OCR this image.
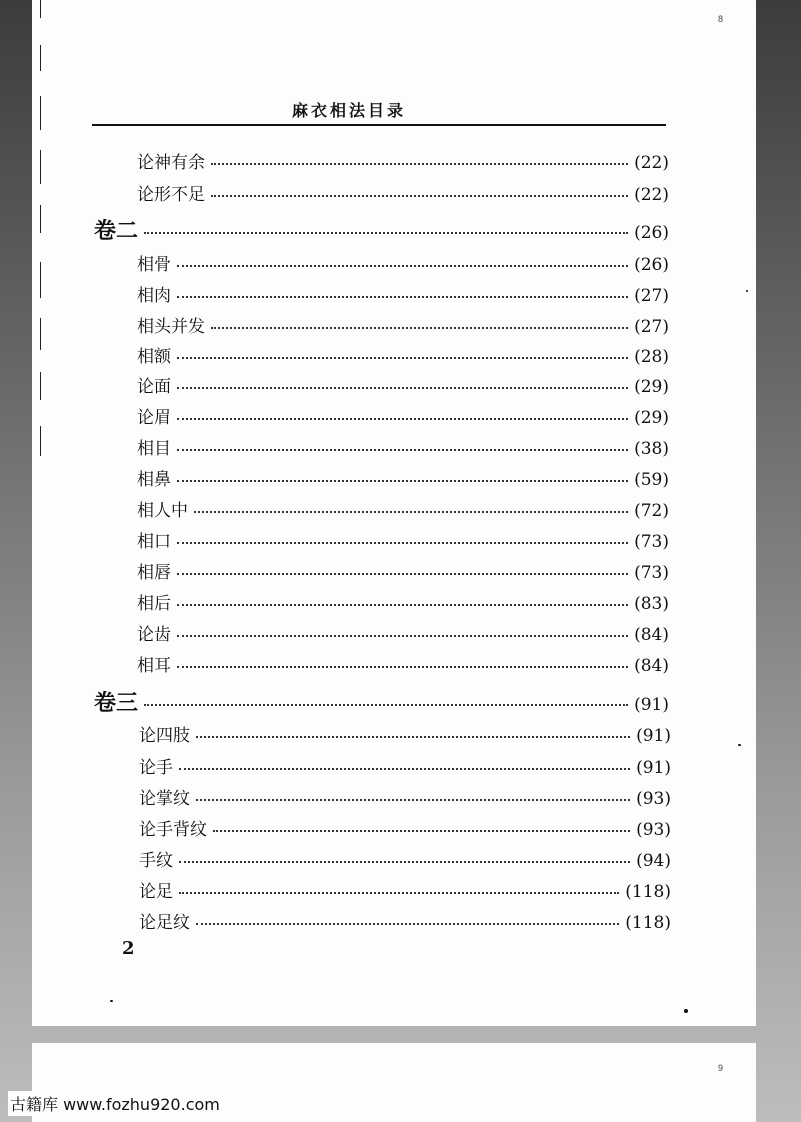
8
9
麻衣相法目录
论神有余	(22)
论形不足	(22)
卷二	(26)
相骨	(26)
相肉	(27)
相头并发	(27)
相额	(28)
论面	(29)
论眉	(29)
相目	(38)
相鼻	(59)
相人中	(72)
相口	(73)
相唇	(73)
相后	(83)
论齿	(84)
相耳	(84)
卷三	(91)
论四肢	(91)
论手	(91)
论掌纹	(93)
论手背纹	(93)
手纹	(94)
论足	(118)
论足纹	(118)
2
古籍库 www.fozhu920.com
